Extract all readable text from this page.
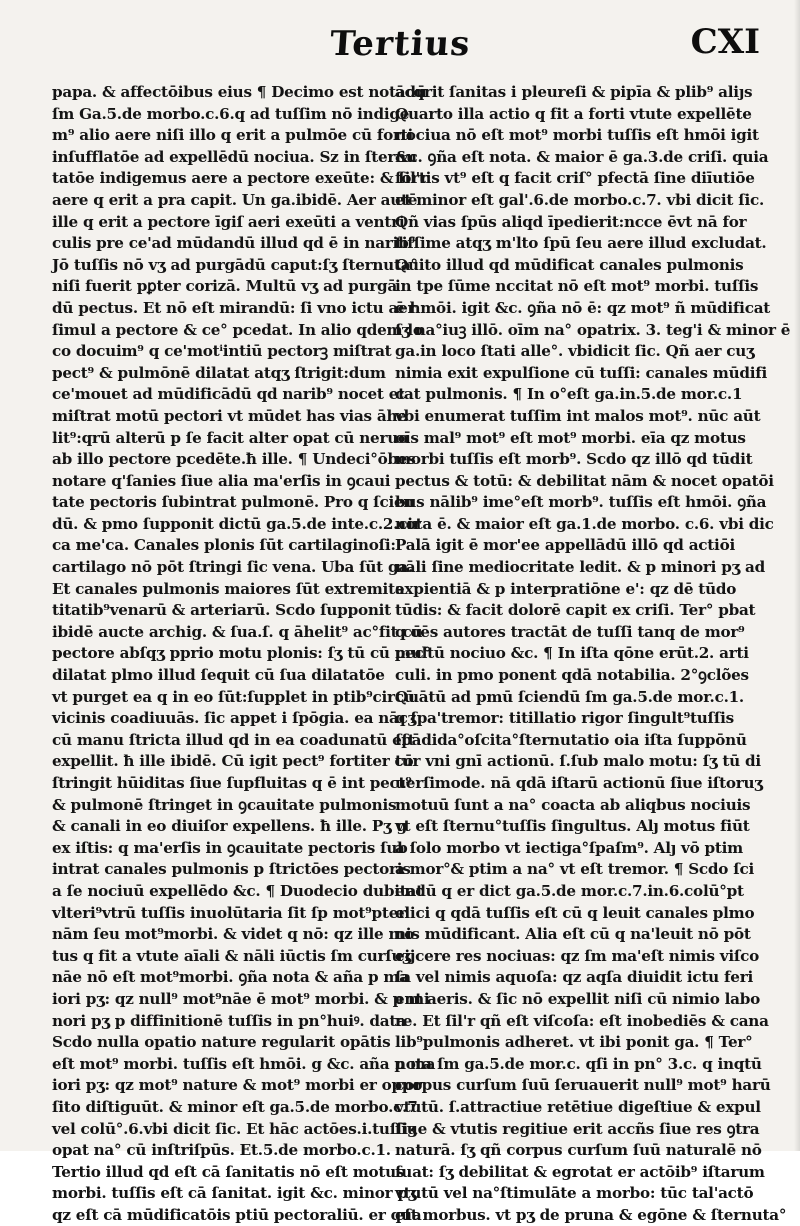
Tertius	CXI
papa. & affectōibus eius ¶ Decimo est notādū
ſm Ga.5.de morbo.c.6.q ad tuſſim nō indige
m⁹ alio aere niſi illo q erit a pulmōe cū forti
inſufflatōe ad expellēdū nociua. Sz in ſternu
tatōe indigemus aere a pectore exeūte: & ſil'r
aere q erit a pra capit. Un ga.ibidē. Aer autē
ille q erit a pectore īgiſ aeri exeūti a ventri
culis pre ce'ad mūdandū illud qd ē in narib⁹
Jō tuſſis nō vʒ ad purgādū caput:ſʒ ſternuta°
niſi fuerit pꝑter corizā. Multū vʒ ad purgā
dū pectus. Et nō eſt mirandū: ſi vno ictu aer
ſimul a pectore & ce° pcedat. In alio qdem lo
co docuim⁹ q ce'motⁱintiū pectorꝫ miſtrat
pect⁹ & pulmōnē dilatat atqʒ ſtrigit:dum
ce'mouet ad mūdificādū qd narib⁹ nocet et
miſtrat motū pectori vt mūdet has vias āhe
lit⁹:qrū alterū p ſe facit alter opat cū neruo
ab illo pectore pcedēte.ħ ille. ¶ Undeci°ōbes
notare q'ſanies ſiue alia ma'erſis in ꝯcaui
tate pectoris ſubintrat pulmonē. Pro q ſcien
dū. & pmo ſupponit dictū ga.5.de inte.c.2.cir
ca me'ca. Canales plonis ſūt cartilaginoſi:
cartilago nō pōt ſtringi ſic vena. Uba ſūt ga.
Et canales pulmonis maiores ſūt extremita
titatib⁹venarū & arteriarū. Scdo ſupponit
ibidē aucte archig. & ſua.ſ. q āhelit⁹ ac°fit cū
pectore abſqʒ pprio motu plonis: ſʒ tū cū pec°
dilatat plmo illud ſequit cū ſua dilatatōe
vt purget ea q in eo ſūt:ſupplet in ptib⁹circū
vicinis coadiuuās. ſic appet i ſpōgia. ea nācʒ
cū manu ſtricta illud qd in ea coadunatū eſt
expellit. ħ ille ibidē. Cū igit pect⁹ fortiter cō
ſtringit hūiditas ſiue ſupfluitas q ē int pect⁹
& pulmonē ſtringet in ꝯcauitate pulmonis
& canali in eo diuiſor expellens. ħ ille. Pʒ g
ex iſtis: q ma'erſis in ꝯcauitate pectoris ſub
intrat canales pulmonis p ſtrictōes pectoris
a ſe nociuū expellēdo &c. ¶ Duodecio dubitat
vlteri⁹vtrū tuſſis inuolūtaria ſit ſp mot⁹pter
nām ſeu mot⁹morbi. & videt q nō: qz ille mo
tus q fit a vtute aīali & nāli iūctis ſm curſuʒ
nāe nō eſt mot⁹morbi. ꝯña nota & aña p ma
iori pʒ: qz null⁹ mot⁹nāe ē mot⁹ morbi. & p mi
nori pʒ p diffinitionē tuſſis in pn°huiꝰ. data
Scdo nulla opatio nature regularit opātis
eſt mot⁹ morbi. tuſſis eſt hmōi. g &c. aña p ma
iori pʒ: qz mot⁹ nature & mot⁹ morbi er oppo
ſito diſtiguūt. & minor eſt ga.5.de morbo.c.7
vel colū°.6.vbi dicit ſic. Et hāc actōes.i.tuſſiʒ
opat na° cū inſtriſpūs. Et.5.de morbo.c.1.
Tertio illud qd eſt cā ſanitatis nō eſt motus
morbi. tuſſis eſt cā ſanitat. igit &c. minor pʒ
qz eſt cā mūdificatōis ptiū pectoraliū. er qua
acqrit ſanitas i pleureſi & pipīa & plib⁹ aliȷs
Quarto illa actio q fit a forti vtute expellēte
nociua nō eſt mot⁹ morbi tuſſis eſt hmōi igit
&c. ꝯña eſt nota. & maior ē ga.3.de criſi. quia
fortis vt⁹ eſt q facit criſ° pfectā ſine diīutiōe
et minor eſt gal'.6.de morbo.c.7. vbi dicit ſic.
Qñ vias ſpūs aliqd īpedierit:ncce ēvt nā for
tiſſime atqʒ m'lto ſpū ſeu aere illud excludat.
Quito illud qd mūdificat canales pulmonis
in tpe ſūme nccitat nō eſt mot⁹ morbi. tuſſis
ē hmōi. igit &c. ꝯña nō ē: qz mot⁹ ñ mūdificat
ſʒ na°iuꝫ illō. oīm na° opatrix. 3. teg'i & minor ē
ga.in loco ſtati alle°. vbidicit ſic. Qñ aer cuʒ
nimia exit expulſione cū tuſſi: canales mūdifi
cat pulmonis. ¶ In o°eſt ga.in.5.de mor.c.1
vbi enumerat tuſſim int malos mot⁹. nūc aūt
oīs mal⁹ mot⁹ eſt mot⁹ morbi. eīa qz motus
morbi tuſſis eſt morb⁹. Scdo qz illō qd tūdit
pectus & totū: & debilitat nām & nocet opatōi
bus nālib⁹ ime°eſt morb⁹. tuſſis eſt hmōi. ꝯña
nota ē. & maior eſt ga.1.de morbo. c.6. vbi dic
Palā igit ē mor'ee appellādū illō qd actiōi
nāli ſine mediocritate ledit. & p minori pʒ ad
expientiā & p interpratiōne e': qz dē tūdo
tūdis: & facit dolorē capit ex criſi. Ter° pbat
q oēs autores tractāt de tuſſi tanq de mor⁹
multū nociuo &c. ¶ In iſta qōne erūt.2. arti
culi. in pmo ponent qdā notabilia. 2°ꝯclões
Quātū ad pmū ſciendū ſm ga.5.de mor.c.1.
q ſpa'tremor: titillatio rigor ſingult⁹tuſſis
ſpādida°oſcita°ſternutatio oia iſta ſuppōnū
tur vni gnī actionū. ſ.ſub malo motu: ſʒ tū di
uerſimode. nā qdā iſtarū actionū ſiue iſtoruʒ
motuū ſunt a na° coacta ab aliqbus nociuis
vt eſt ſternu°tuſſis ſingultus. Alȷ motus fiūt
a ſolo morbo vt iectiga°ſpaſm⁹. Alȷ vō ptim
a mor°& ptim a na° vt eſt tremor. ¶ Scdo ſci
endū q er dict ga.5.de mor.c.7.in.6.colū°pt
elici q qdā tuſſis eſt cū q leuit canales plmo
nis mūdificant. Alia eſt cū q na'leuit nō pōt
eijcere res nociuas: qz ſm ma'eſt nimis viſco
ſa vel nimis aquoſa: qz aqſa diuidit ictu feri
ent aeris. & ſic nō expellit niſi cū nimio labo
re. Et ſil'r qñ eſt viſcoſa: eſt inobediēs & cana
lib⁹pulmonis adheret. vt ibi ponit ga. ¶ Ter°
nota ſm ga.5.de mor.c. qſi in pn° 3.c. q inqtū
corpus curſum ſuū ſeruauerit null⁹ mot⁹ harū
vtutū. ſ.attractiue retētiue digeſtiue & expul
ſiue & vtutis regitiue erit accñs ſiue res ꝯtra
naturā. ſʒ qñ corpus curſum ſuū naturalē nō
ſuat: ſʒ debilitat & egrotat er actōib⁹ iſtarum
vtutū vel na°ſtimulāte a morbo: tūc tal'actō
eſt morbus. vt pʒ de pruna & egōne & ſternuta°
